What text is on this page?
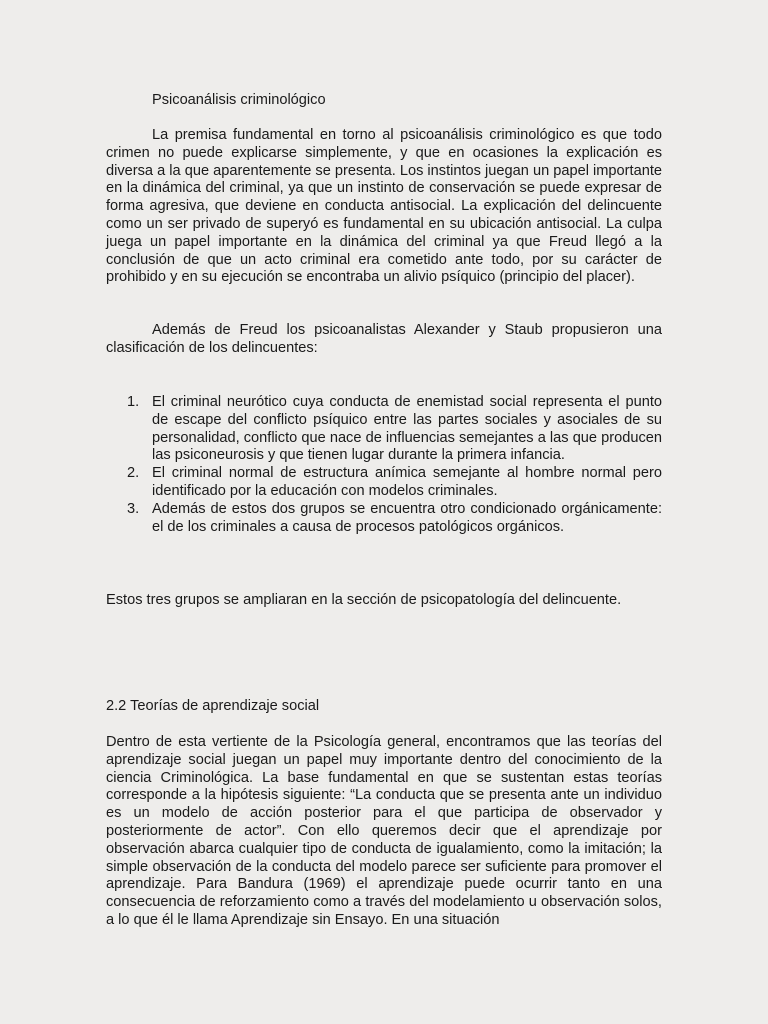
Psicoanálisis criminológico

La premisa fundamental en torno al psicoanálisis criminológico es que todo crimen no puede explicarse simplemente, y que en ocasiones la explicación es diversa a la que aparentemente se presenta. Los instintos juegan un papel importante en la dinámica del criminal, ya que un instinto de conservación se puede expresar de forma agresiva, que deviene en conducta antisocial. La explicación del delincuente como un ser privado de superyó es fundamental en su ubicación antisocial. La culpa juega un papel importante en la dinámica del criminal ya que Freud llegó a la conclusión de que un acto criminal era cometido ante todo, por su carácter de prohibido y en su ejecución se encontraba un alivio psíquico (principio del placer).

Además de Freud los psicoanalistas Alexander y Staub propusieron una clasificación de los delincuentes:

1. El criminal neurótico cuya conducta de enemistad social representa el punto de escape del conflicto psíquico entre las partes sociales y asociales de su personalidad, conflicto que nace de influencias semejantes a las que producen las psiconeurosis y que tienen lugar durante la primera infancia.
2. El criminal normal de estructura anímica semejante al hombre normal pero identificado por la educación con modelos criminales.
3. Además de estos dos grupos se encuentra otro condicionado orgánicamente: el de los criminales a causa de procesos patológicos orgánicos.

Estos tres grupos se ampliaran en la sección de psicopatología del delincuente.

2.2 Teorías de aprendizaje social

Dentro de esta vertiente de la Psicología general, encontramos que las teorías del aprendizaje social juegan un papel muy importante dentro del conocimiento de la ciencia Criminológica. La base fundamental en que se sustentan estas teorías corresponde a la hipótesis siguiente: “La conducta que se presenta ante un individuo es un modelo de acción posterior para el que participa de observador y posteriormente de actor”. Con ello queremos decir que el aprendizaje por observación abarca cualquier tipo de conducta de igualamiento, como la imitación; la simple observación de la conducta del modelo parece ser suficiente para promover el aprendizaje. Para Bandura (1969) el aprendizaje puede ocurrir tanto en una consecuencia de reforzamiento como a través del modelamiento u observación solos, a lo que él le llama Aprendizaje sin Ensayo. En una situación
